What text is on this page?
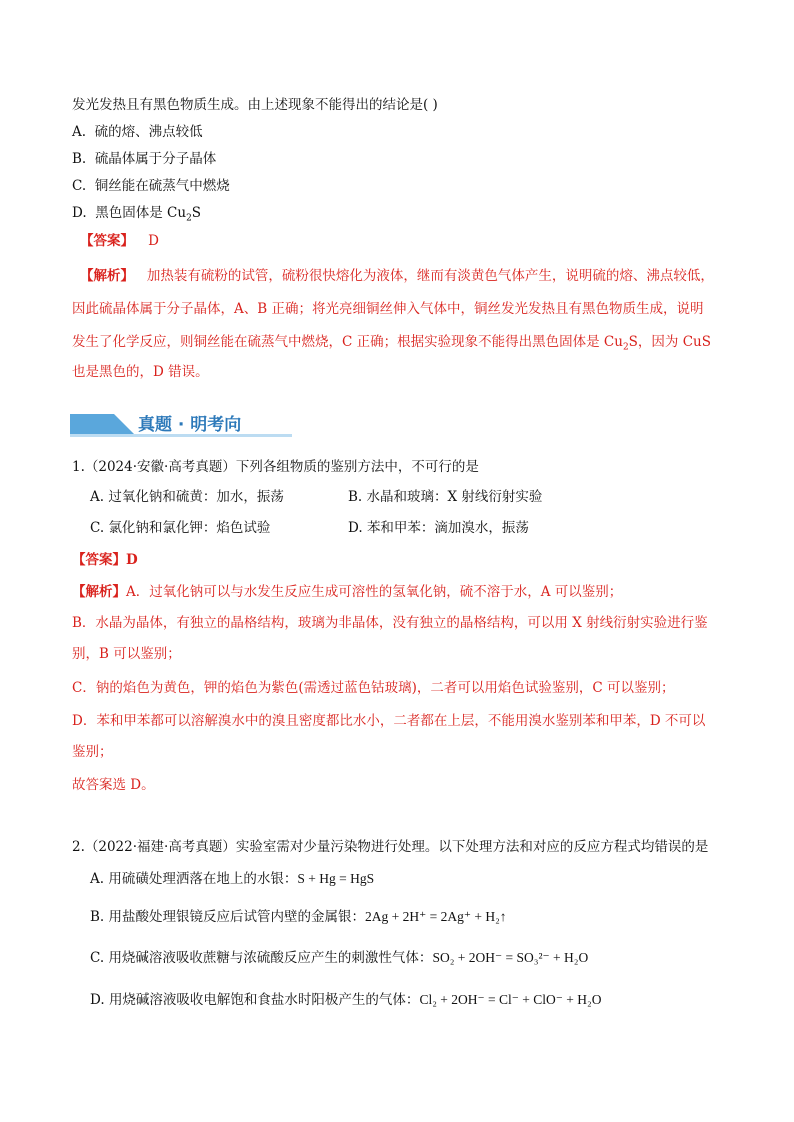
发光发热且有黑色物质生成。由上述现象不能得出的结论是( )
A. 硫的熔、沸点较低
B. 硫晶体属于分子晶体
C. 铜丝能在硫蒸气中燃烧
D. 黑色固体是 $Cu_2S$
【答案】 D
【解析】 加热装有硫粉的试管，硫粉很快熔化为液体，继而有淡黄色气体产生，说明硫的熔、沸点较低，
因此硫晶体属于分子晶体，A、B 正确；将光亮细铜丝伸入气体中，铜丝发光发热且有黑色物质生成，说明
发生了化学反应，则铜丝能在硫蒸气中燃烧，C 正确；根据实验现象不能得出黑色固体是 $Cu_2S$，因为 CuS
也是黑色的，D 错误。
真题 · 明考向
1.（2024·安徽·高考真题）下列各组物质的鉴别方法中，不可行的是
A. 过氧化钠和硫黄：加水，振荡	B. 水晶和玻璃：X 射线衍射实验
C. 氯化钠和氯化钾：焰色试验	D. 苯和甲苯：滴加溴水，振荡
【答案】D
【解析】A．过氧化钠可以与水发生反应生成可溶性的氢氧化钠，硫不溶于水，A 可以鉴别；
B．水晶为晶体，有独立的晶格结构，玻璃为非晶体，没有独立的晶格结构，可以用 X 射线衍射实验进行鉴
别，B 可以鉴别；
C．钠的焰色为黄色，钾的焰色为紫色(需透过蓝色钴玻璃)，二者可以用焰色试验鉴别，C 可以鉴别；
D．苯和甲苯都可以溶解溴水中的溴且密度都比水小，二者都在上层，不能用溴水鉴别苯和甲苯，D 不可以
鉴别；
故答案选 D。
2.（2022·福建·高考真题）实验室需对少量污染物进行处理。以下处理方法和对应的反应方程式均错误的是
A. 用硫磺处理洒落在地上的水银：S + Hg = HgS
B. 用盐酸处理银镜反应后试管内壁的金属银：2Ag + 2H⁺ = 2Ag⁺ + H₂↑
C. 用烧碱溶液吸收蔗糖与浓硫酸反应产生的刺激性气体：SO₂ + 2OH⁻ = SO₃²⁻ + H₂O
D. 用烧碱溶液吸收电解饱和食盐水时阳极产生的气体：Cl₂ + 2OH⁻ = Cl⁻ + ClO⁻ + H₂O
